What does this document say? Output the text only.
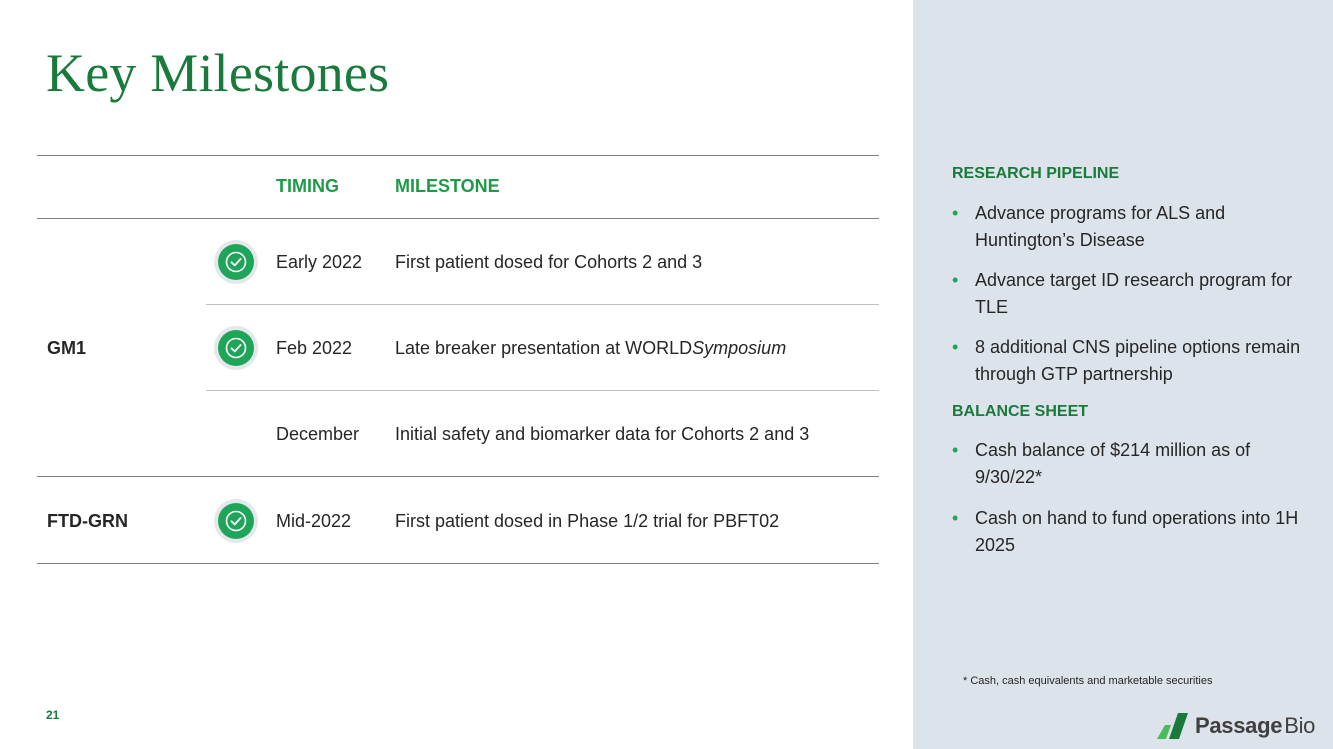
Key Milestones
TIMING	MILESTONE
GM1
FTD-GRN
Early 2022 First patient dosed for Cohorts 2 and 3
Feb 2022 Late breaker presentation at WORLDSymposium
December Initial safety and biomarker data for Cohorts 2 and 3
Mid-2022 First patient dosed in Phase 1/2 trial for PBFT02
RESEARCH PIPELINE
• Advance programs for ALS and Huntington’s Disease
• Advance target ID research program for TLE
• 8 additional CNS pipeline options remain through GTP partnership
BALANCE SHEET
• Cash balance of $214 million as of 9/30/22*
• Cash on hand to fund operations into 1H 2025
* Cash, cash equivalents and marketable securities
21	Passage Bio
